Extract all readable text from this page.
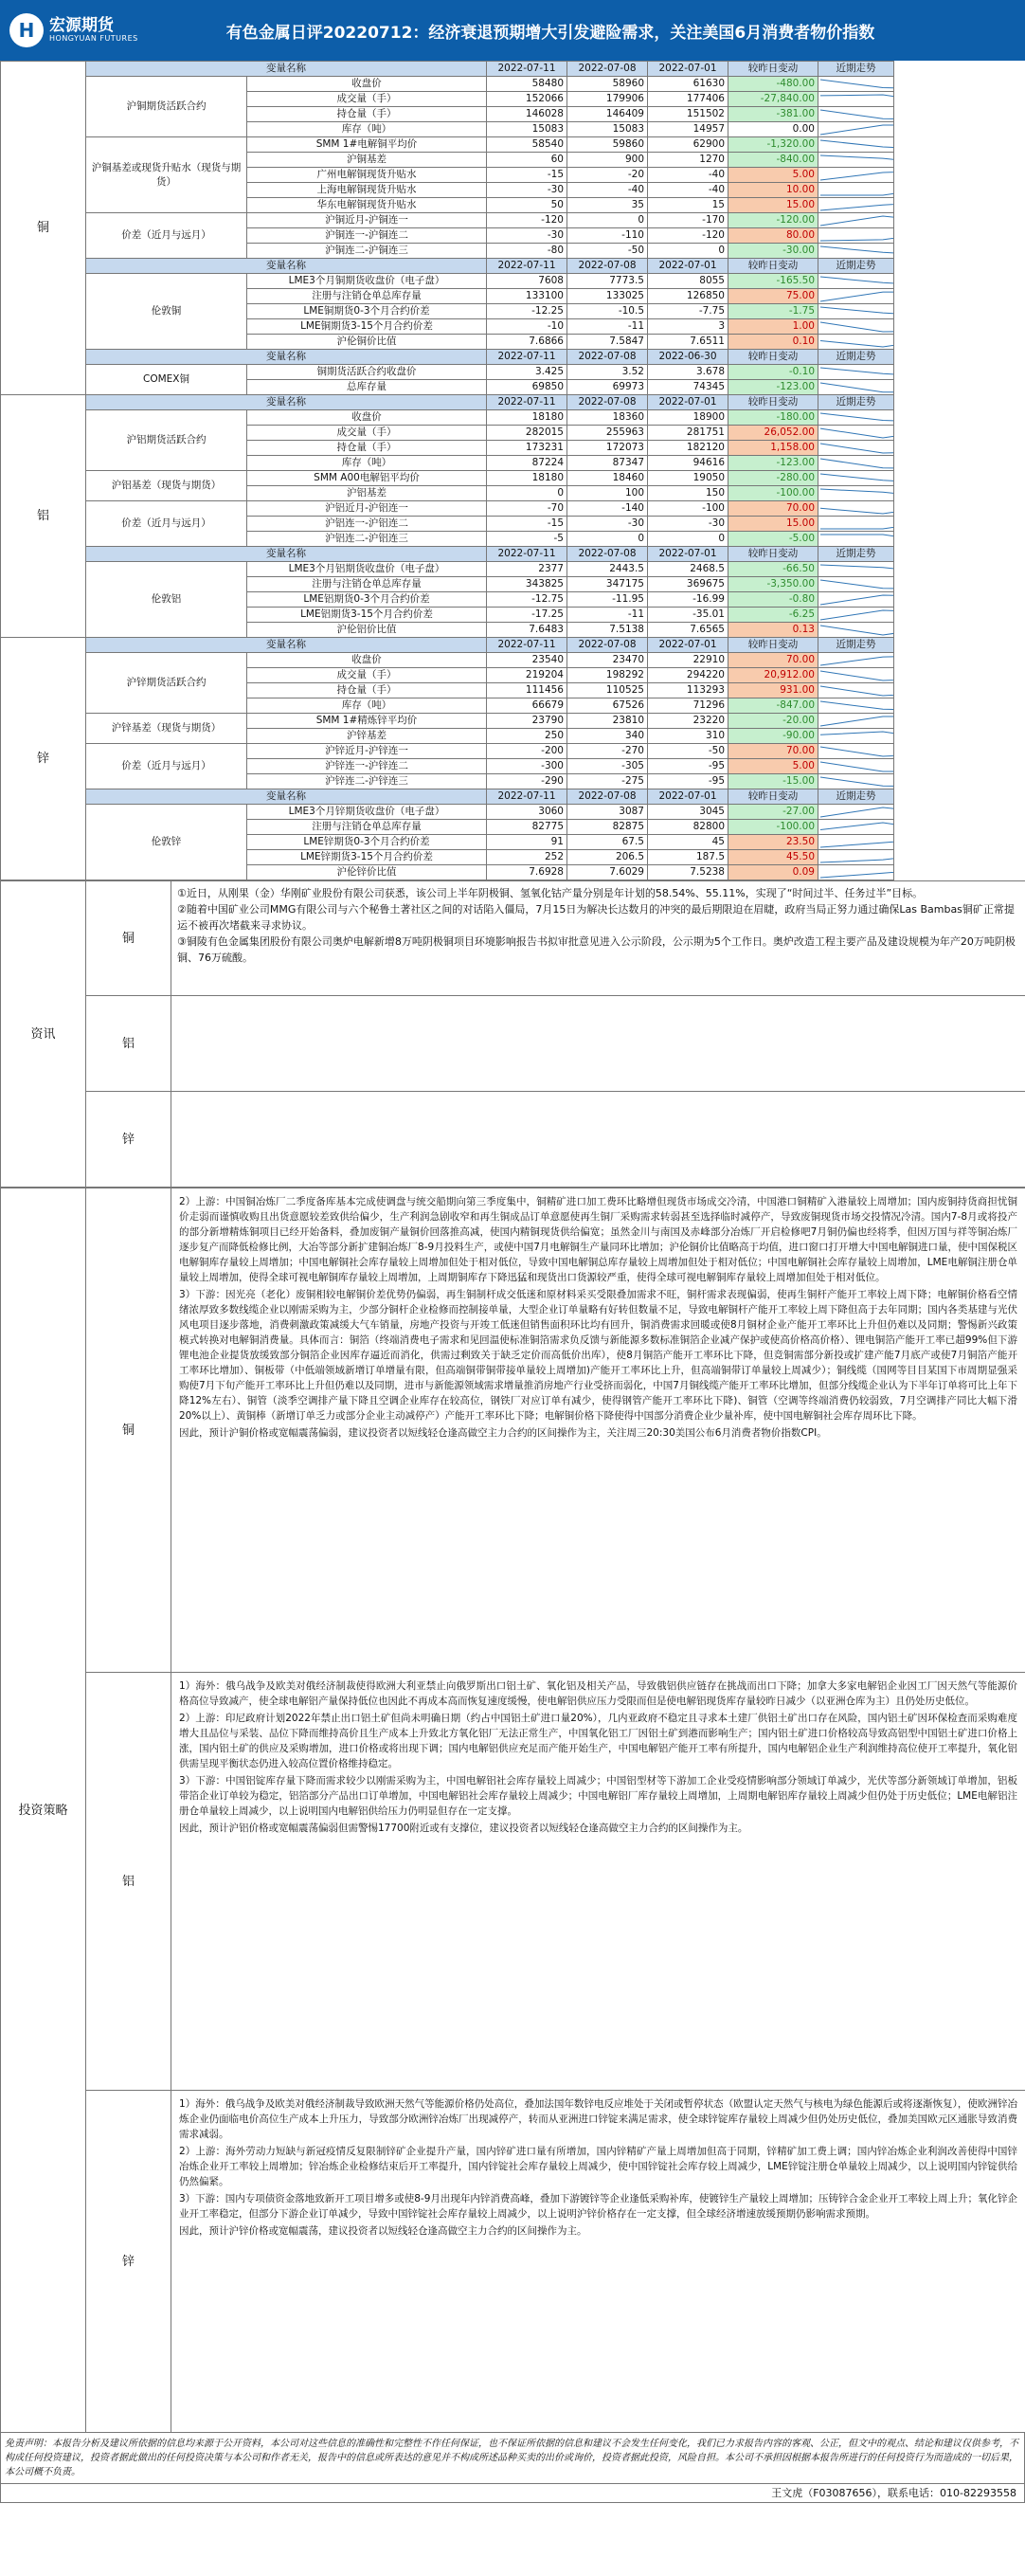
H 宏源期货
HONGYUAN FUTURES	有色金属日评20220712：经济衰退预期增大引发避险需求，关注美国6月消费者物价指数
铜	变量名称		2022-07-11	2022-07-08	2022-07-01	较昨日变动	近期走势
	沪铜期货活跃合约	收盘价	58480	58960	61630	-480.00	

		成交量（手）	152066	179906	177406	-27,840.00	

		持仓量（手）	146028	146409	151502	-381.00	

		库存（吨）	15083	15083	14957	0.00	

	沪铜基差或现货升贴水（现货与期货）	SMM 1#电解铜平均价	58540	59860	62900	-1,320.00	

		沪铜基差	60	900	1270	-840.00	

		广州电解铜现货升贴水	-15	-20	-40	5.00	

		上海电解铜现货升贴水	-30	-40	-40	10.00	

		华东电解铜现货升贴水	50	35	15	15.00	

	价差（近月与远月）	沪铜近月-沪铜连一	-120	0	-170	-120.00	

		沪铜连一-沪铜连二	-30	-110	-120	80.00	

		沪铜连二-沪铜连三	-80	-50	0	-30.00	

	变量名称		2022-07-11	2022-07-08	2022-07-01	较昨日变动	近期走势
	伦敦铜	LME3个月铜期货收盘价（电子盘）	7608	7773.5	8055	-165.50	

		注册与注销仓单总库存量	133100	133025	126850	75.00	

		LME铜期货0-3个月合约价差	-12.25	-10.5	-7.75	-1.75	

		LME铜期货3-15个月合约价差	-10	-11	3	1.00	

		沪伦铜价比值	7.6866	7.5847	7.6511	0.10	

	变量名称		2022-07-11	2022-07-08	2022-06-30	较昨日变动	近期走势
	COMEX铜	铜期货活跃合约收盘价	3.425	3.52	3.678	-0.10	

		总库存量	69850	69973	74345	-123.00	

铝	变量名称		2022-07-11	2022-07-08	2022-07-01	较昨日变动	近期走势
	沪铝期货活跃合约	收盘价	18180	18360	18900	-180.00	

		成交量（手）	282015	255963	281751	26,052.00	

		持仓量（手）	173231	172073	182120	1,158.00	

		库存（吨）	87224	87347	94616	-123.00	

	沪铝基差（现货与期货）	SMM A00电解铝平均价	18180	18460	19050	-280.00	

		沪铝基差	0	100	150	-100.00	

	价差（近月与远月）	沪铝近月-沪铝连一	-70	-140	-100	70.00	

		沪铝连一-沪铝连二	-15	-30	-30	15.00	

		沪铝连二-沪铝连三	-5	0	0	-5.00	

	变量名称		2022-07-11	2022-07-08	2022-07-01	较昨日变动	近期走势
	伦敦铝	LME3个月铝期货收盘价（电子盘）	2377	2443.5	2468.5	-66.50	

		注册与注销仓单总库存量	343825	347175	369675	-3,350.00	

		LME铝期货0-3个月合约价差	-12.75	-11.95	-16.99	-0.80	

		LME铝期货3-15个月合约价差	-17.25	-11	-35.01	-6.25	

		沪伦铝价比值	7.6483	7.5138	7.6565	0.13	

锌	变量名称		2022-07-11	2022-07-08	2022-07-01	较昨日变动	近期走势
	沪锌期货活跃合约	收盘价	23540	23470	22910	70.00	

		成交量（手）	219204	198292	294220	20,912.00	

		持仓量（手）	111456	110525	113293	931.00	

		库存（吨）	66679	67526	71296	-847.00	

	沪锌基差（现货与期货）	SMM 1#精炼锌平均价	23790	23810	23220	-20.00	

		沪锌基差	250	340	310	-90.00	

	价差（近月与远月）	沪锌近月-沪锌连一	-200	-270	-50	70.00	

		沪锌连一-沪锌连二	-300	-305	-95	5.00	

		沪锌连二-沪锌连三	-290	-275	-95	-15.00	

	变量名称		2022-07-11	2022-07-08	2022-07-01	较昨日变动	近期走势
	伦敦锌	LME3个月锌期货收盘价（电子盘）	3060	3087	3045	-27.00	

		注册与注销仓单总库存量	82775	82875	82800	-100.00	

		LME锌期货0-3个月合约价差	91	67.5	45	23.50	

		LME锌期货3-15个月合约价差	252	206.5	187.5	45.50	

		沪伦锌价比值	7.6928	7.6029	7.5238	0.09	
资讯	铜	①近日，从刚果（金）华刚矿业股份有限公司获悉，该公司上半年阴极铜、氢氧化钴产量分别是年计划的58.54%、55.11%，实现了“时间过半、任务过半”目标。

②随着中国矿业公司MMG有限公司与六个秘鲁土著社区之间的对话陷入僵局，7月15日为解决长达数月的冲突的最后期限迫在眉睫，政府当局正努力通过确保Las Bambas铜矿正常提运不被再次堵截来寻求协议。

③铜陵有色金属集团股份有限公司奥炉电解新增8万吨阴极铜项目环境影响报告书拟审批意见进入公示阶段，公示期为5个工作日。奥炉改造工程主要产品及建设规模为年产20万吨阴极铜、76万硫酸。

	铝	
	锌	
投资策略	铜	2）上游：中国铜冶炼厂二季度备库基本完成使调盘与统交船期向第三季度集中，铜精矿进口加工费环比略增但现货市场成交冷清，中国港口铜精矿入港量较上周增加；国内废铜持货商担忧铜价走弱而谨慎收购且出货意愿较差致供给偏少，生产利润急剧收窄和再生铜成品订单意愿使再生铜厂采购需求转弱甚至选择临时减停产，导致废铜现货市场交投情况冷清。国内7-8月或将投产的部分新增精炼铜项目已经开始备料，叠加废铜产量铜价回落推高减，使国内精铜现货供给偏宽；虽然金川与南国及赤峰部分冶炼厂开启检修吧7月铜仍偏也经将季，但因万国与祥等铜冶炼厂逐步复产而降低检修比例，大冶等部分新扩建铜冶炼厂8-9月投料生产，或使中国7月电解铜生产量同环比增加；沪伦铜价比值略高于均值，进口窗口打开增大中国电解铜进口量，使中国保税区电解铜库存量较上周增加；中国电解铜社会库存量较上周增加但处于相对低位，导致中国电解铜总库存量较上周增加但处于相对低位；中国电解铜社会库存量较上周增加，LME电解铜注册仓单量较上周增加，使得全球可视电解铜库存量较上周增加，上周期铜库存下降迅猛和现货出口货源较严重，使得全球可视电解铜库存量较上周增加但处于相对低位。

3）下游：因光亮（老化）废铜相较电解铜价差优势仍偏弱，再生铜制杆成交低迷和原材料采买受限叠加需求不旺，铜杆需求表现偏弱，使再生铜杆产能开工率较上周下降；电解铜价格看空情绪浓厚致多数线缆企业以刚需采购为主，少部分铜杆企业检修而控制接单量，大型企业订单量略有好转但数量不足，导致电解铜杆产能开工率较上周下降但高于去年同期；国内各类基建与光伏风电项目逐步落地，消费刺激政策减缓大气车销量，房地产投资与开竣工低迷但销售面积环比均有回升，铜消费需求回暖或使8月铜材企业产能开工率环比上升但仍难以及同期；警惕新兴政策模式转换对电解铜消费量。具体而言：铜箔（终端消费电子需求和见回温使标准铜箔需求负反馈与新能源多数标准铜箔企业减产保护或使高价格高价格）、锂电铜箔产能开工率已超99%但下游锂电池企业提货放缓致部分铜箔企业因库存逼近而消化，供需过剩致关于缺乏定价而高低价出库），使8月铜箔产能开工率环比下降，但竞铜需部分新投或扩建产能7月底产或使7月铜箔产能开工率环比增加）、铜板带（中低端领域新增订单增量有限，但高端铜带铜带接单量较上周增加)产能开工率环比上升，但高端铜带订单量较上周减少）；铜线缆（国网等目目某国下市周期显强采购使7月下旬产能开工率环比上升但仍难以及同期，进市与新能源领域需求增量推消房地产行业受挤而弱化，中国7月铜线缆产能开工率环比增加，但部分线缆企业认为下半年订单将可比上年下降12%左右）、铜管（淡季空调排产量下降且空调企业库存在较高位，钢铁厂对应订单有减少，使得钢管产能开工率环比下降)、铜管（空调等终端消费仍较弱致，7月空调排产同比大幅下滑20%以上）、黄铜棒（新增订单乏力或部分企业主动减停产）产能开工率环比下降；电解铜价格下降使得中国部分消费企业少量补库，使中国电解铜社会库存周环比下降。

因此，预计沪铜价格或宽幅震荡偏弱，建议投资者以短线轻仓逢高做空主力合约的区间操作为主，关注周三20:30美国公布6月消费者物价指数CPI。

	铝	1）海外：俄乌战争及欧美对俄经济制裁使得欧洲大利亚禁止向俄罗斯出口铝土矿、氧化铝及相关产品，导致俄铝供应链存在挑战而出口下降；加拿大多家电解铝企业因工厂因天然气等能源价格高位导致减产，使全球电解铝产量保持低位也因此不再成本高而恢复速度缓慢，使电解铝供应压力受限而但是使电解铝现货库存量较昨日减少（以亚洲仓库为主）且仍处历史低位。

2）上游：印尼政府计划2022年禁止出口铝土矿但尚未明确日期（约占中国铝土矿进口量20%），几内亚政府不稳定且寻求本土建厂供铝土矿出口存在风险，国内铝土矿因环保检查而采购难度增大且品位与采装、品位下降而维持高价且生产成本上升致北方氧化铝厂无法正常生产，中国氧化铝工厂因铝土矿到港而影响生产；国内铝土矿进口价格较高导致高铝型中国铝土矿进口价格上涨，国内铝土矿的供应及采购增加，进口价格或将出现下调；国内电解铝供应充足而产能开始生产，中国电解铝产能开工率有所提升，国内电解铝企业生产利润维持高位使开工率提升，氧化铝供需呈现平衡状态仍进入较高位置价格维持稳定。

3）下游：中国铝锭库存量下降而需求较少以刚需采购为主，中国电解铝社会库存量较上周减少；中国铝型材等下游加工企业受疫情影响部分领域订单减少，光伏等部分新领域订单增加，铝板带箔企业订单较为稳定，铝箔部分产品出口订单增加，中国电解铝社会库存量较上周减少；中国电解铝厂库存量较上周增加，上周期电解铝库存量较上周减少但仍处于历史低位；LME电解铝注册仓单量较上周减少，以上说明国内电解铝供给压力仍明显但存在一定支撑。

因此，预计沪铝价格或宽幅震荡偏弱但需警惕17700附近或有支撑位，建议投资者以短线轻仓逢高做空主力合约的区间操作为主。

	锌	1）海外：俄乌战争及欧美对俄经济制裁导致欧洲天然气等能源价格仍处高位，叠加法国年数锌电反应堆处于关闭或暂停状态（欧盟认定天然气与核电为绿色能源后或将逐渐恢复），使欧洲锌冶炼企业仍面临电价高位生产成本上升压力，导致部分欧洲锌冶炼厂出现减停产，转而从亚洲进口锌锭来满足需求，使全球锌锭库存量较上周减少但仍处历史低位，叠加美国欧元区通胀导致消费需求减弱。

2）上游：海外劳动力短缺与新冠疫情反复限制锌矿企业提升产量，国内锌矿进口量有所增加，国内锌精矿产量上周增加但高于同期，锌精矿加工费上调；国内锌冶炼企业利润改善使得中国锌冶炼企业开工率较上周增加；锌冶炼企业检修结束后开工率提升，国内锌锭社会库存量较上周减少，使中国锌锭社会库存较上周减少，LME锌锭注册仓单量较上周减少，以上说明国内锌锭供给仍然偏紧。

3）下游：国内专项债资金落地致新开工项目增多或使8-9月出现年内锌消费高峰，叠加下游镀锌等企业逢低采购补库，使镀锌生产量较上周增加；压铸锌合金企业开工率较上周上升；氧化锌企业开工率稳定，但部分下游企业订单减少，导致中国锌锭社会库存量较上周减少，以上说明沪锌价格存在一定支撑，但全球经济增速放缓预期仍影响需求预期。

因此，预计沪锌价格或宽幅震荡，建议投资者以短线轻仓逢高做空主力合约的区间操作为主。

免责声明：本报告分析及建议所依据的信息均来源于公开资料，本公司对这些信息的准确性和完整性不作任何保证，也不保证所依据的信息和建议不会发生任何变化，我们已力求报告内容的客观、公正，但文中的观点、结论和建议仅供参考，不构成任何投资建议，投资者据此做出的任何投资决策与本公司和作者无关，报告中的信息或所表达的意见并不构成所述品种买卖的出价或询价，投资者据此投资，风险自担。本公司不承担因根据本报告所进行的任何投资行为而造成的一切后果，本公司概不负责。
王文虎（F03087656），联系电话：010-82293558
